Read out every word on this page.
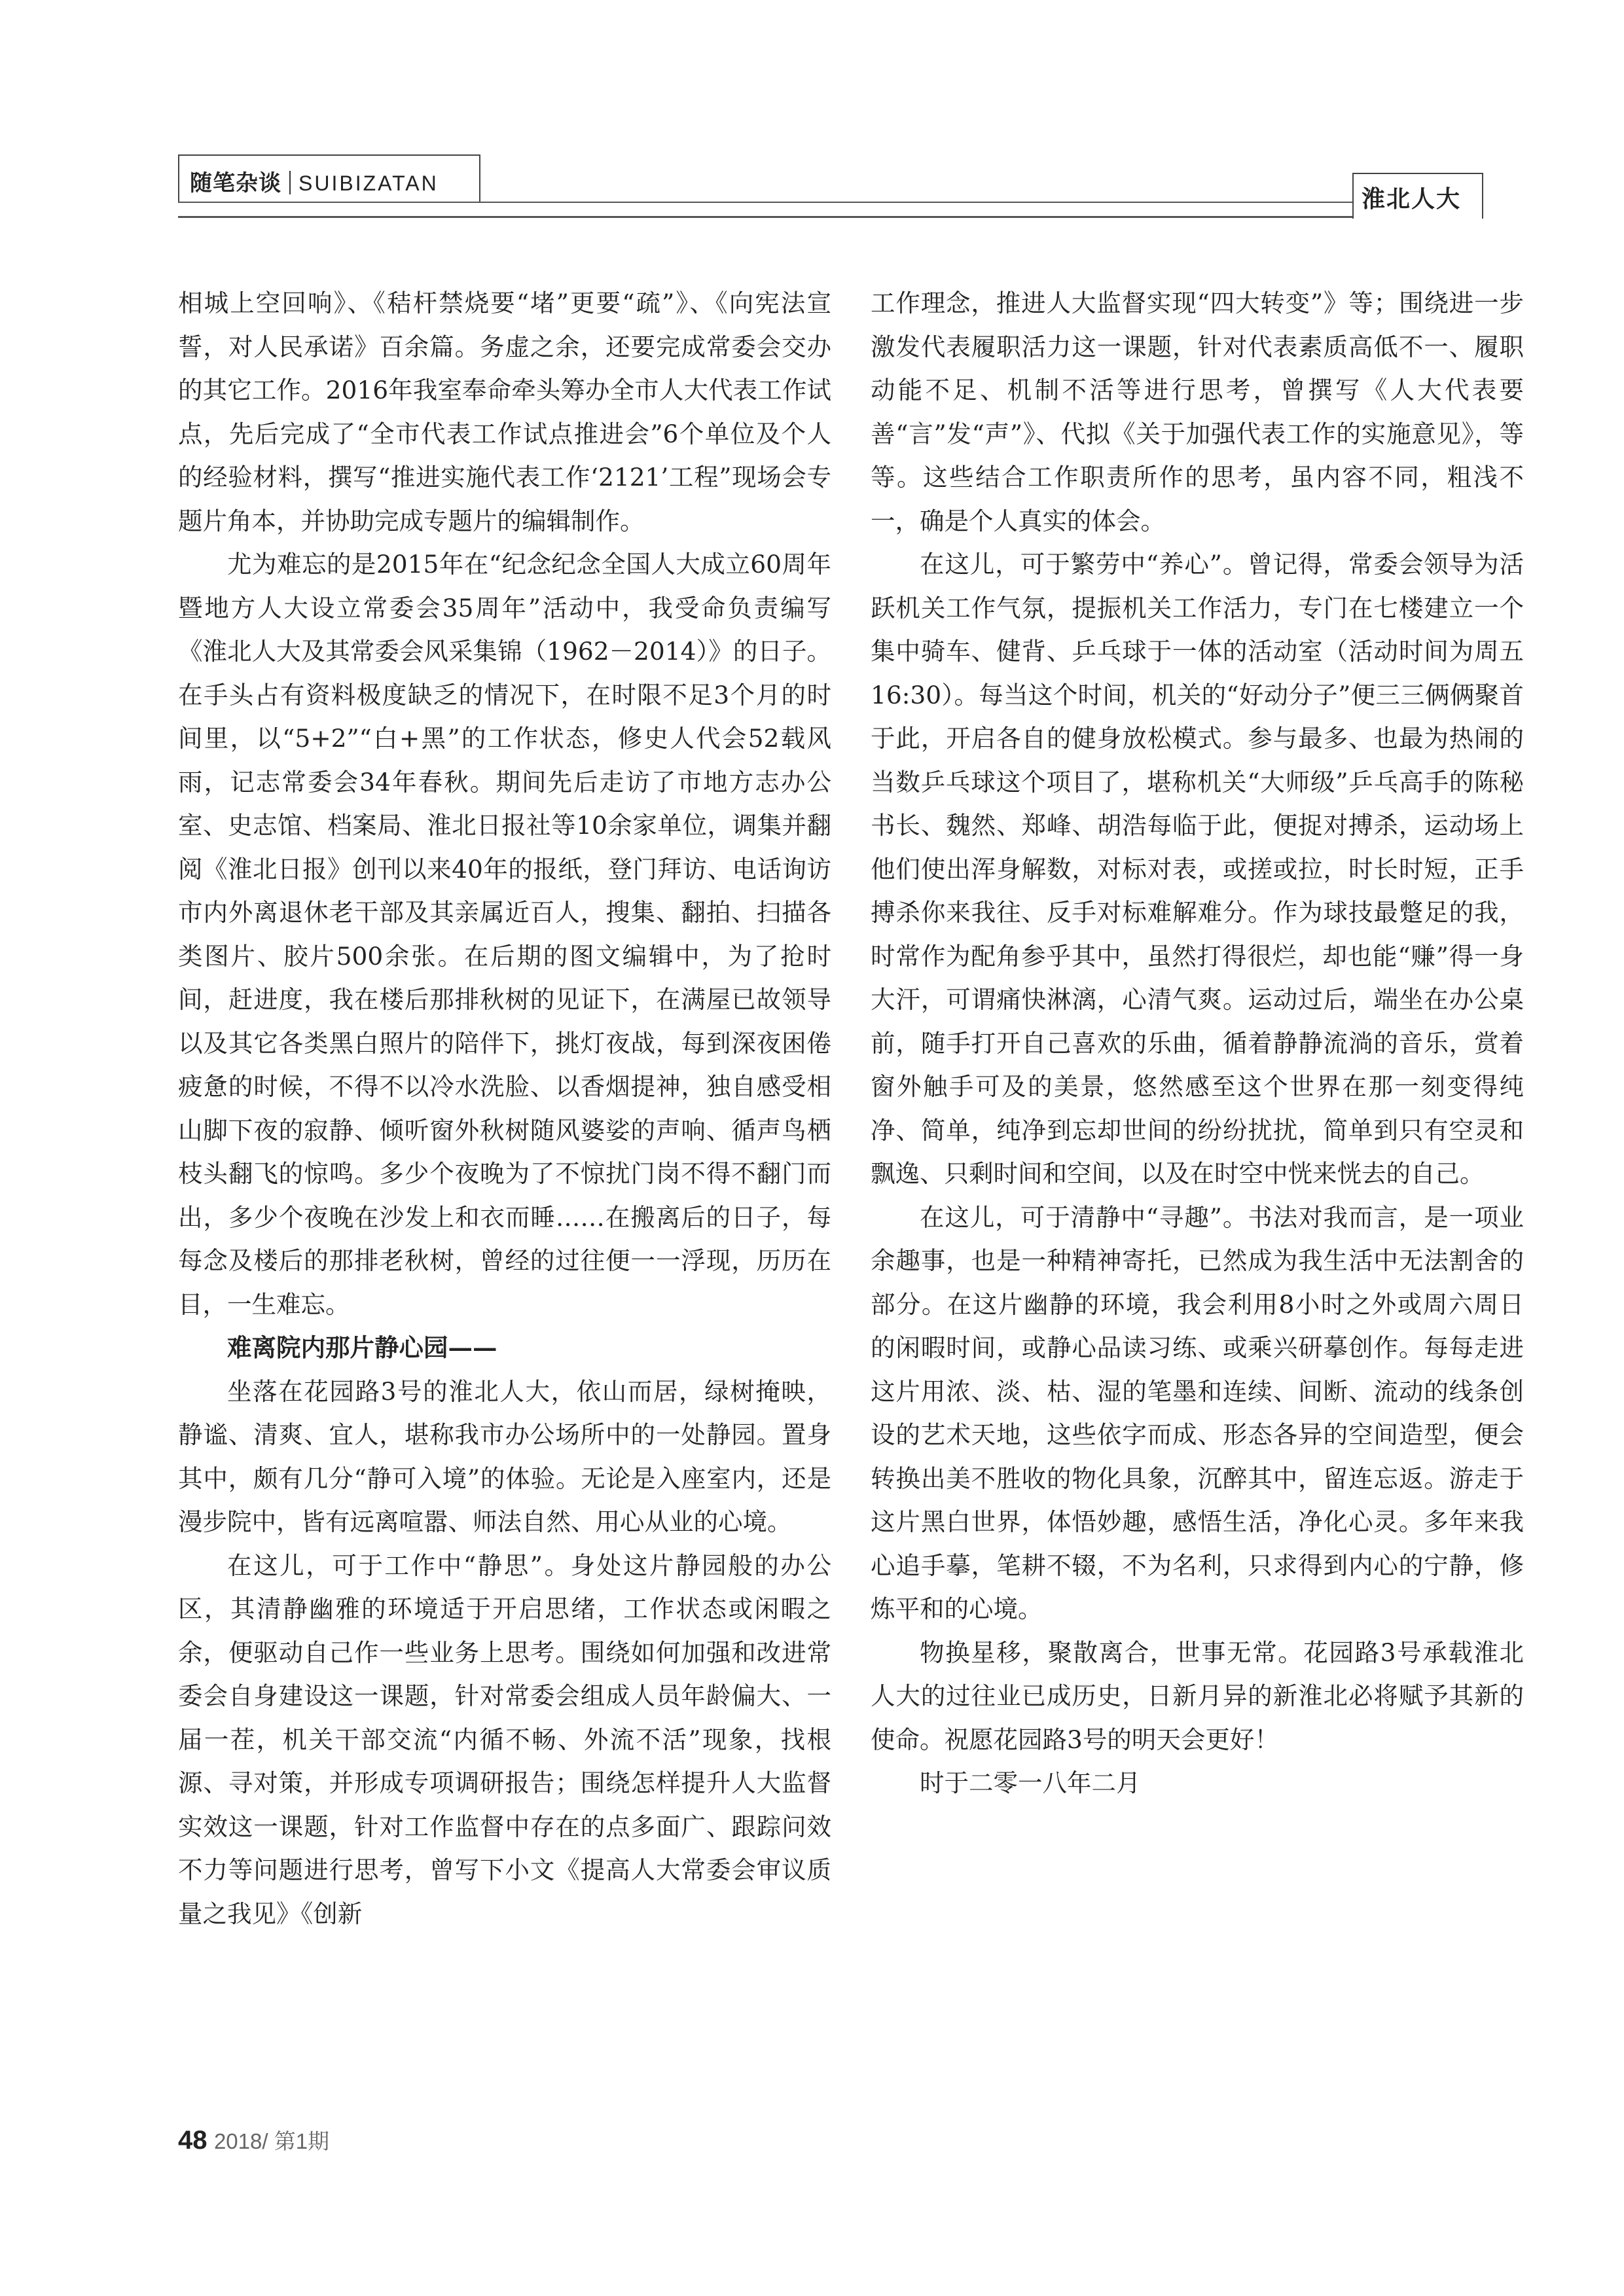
随笔杂谈 SUIBIZATAN
淮北人大

相城上空回响》、《秸杆禁烧要“堵”更要“疏”》、《向宪法宣誓，对人民承诺》百余篇。务虚之余，还要完成常委会交办的其它工作。2016年我室奉命牵头筹办全市人大代表工作试点，先后完成了“全市代表工作试点推进会”6个单位及个人的经验材料，撰写“推进实施代表工作‘2121’工程”现场会专题片角本，并协助完成专题片的编辑制作。

尤为难忘的是2015年在“纪念纪念全国人大成立60周年暨地方人大设立常委会35周年”活动中，我受命负责编写《淮北人大及其常委会风采集锦（1962－2014）》的日子。在手头占有资料极度缺乏的情况下，在时限不足3个月的时间里，以“5+2”“白+黑”的工作状态，修史人代会52载风雨，记志常委会34年春秋。期间先后走访了市地方志办公室、史志馆、档案局、淮北日报社等10余家单位，调集并翻阅《淮北日报》创刊以来40年的报纸，登门拜访、电话询访市内外离退休老干部及其亲属近百人，搜集、翻拍、扫描各类图片、胶片500余张。在后期的图文编辑中，为了抢时间，赶进度，我在楼后那排秋树的见证下，在满屋已故领导以及其它各类黑白照片的陪伴下，挑灯夜战，每到深夜困倦疲惫的时候，不得不以冷水洗脸、以香烟提神，独自感受相山脚下夜的寂静、倾听窗外秋树随风婆娑的声响、循声鸟栖枝头翻飞的惊鸣。多少个夜晚为了不惊扰门岗不得不翻门而出，多少个夜晚在沙发上和衣而睡……在搬离后的日子，每每念及楼后的那排老秋树，曾经的过往便一一浮现，历历在目，一生难忘。

难离院内那片静心园——

坐落在花园路3号的淮北人大，依山而居，绿树掩映，静谧、清爽、宜人，堪称我市办公场所中的一处静园。置身其中，颇有几分“静可入境”的体验。无论是入座室内，还是漫步院中，皆有远离喧嚣、师法自然、用心从业的心境。

在这儿，可于工作中“静思”。身处这片静园般的办公区，其清静幽雅的环境适于开启思绪，工作状态或闲暇之余，便驱动自己作一些业务上思考。围绕如何加强和改进常委会自身建设这一课题，针对常委会组成人员年龄偏大、一届一茬，机关干部交流“内循不畅、外流不活”现象，找根源、寻对策，并形成专项调研报告；围绕怎样提升人大监督实效这一课题，针对工作监督中存在的点多面广、跟踪问效不力等问题进行思考，曾写下小文《提高人大常委会审议质量之我见》《创新

工作理念，推进人大监督实现“四大转变”》等；围绕进一步激发代表履职活力这一课题，针对代表素质高低不一、履职动能不足、机制不活等进行思考，曾撰写《人大代表要善“言”发“声”》、代拟《关于加强代表工作的实施意见》，等等。这些结合工作职责所作的思考，虽内容不同，粗浅不一，确是个人真实的体会。

在这儿，可于繁劳中“养心”。曾记得，常委会领导为活跃机关工作气氛，提振机关工作活力，专门在七楼建立一个集中骑车、健背、乒乓球于一体的活动室（活动时间为周五16:30）。每当这个时间，机关的“好动分子”便三三俩俩聚首于此，开启各自的健身放松模式。参与最多、也最为热闹的当数乒乓球这个项目了，堪称机关“大师级”乒乓高手的陈秘书长、魏然、郑峰、胡浩每临于此，便捉对搏杀，运动场上他们使出浑身解数，对标对表，或搓或拉，时长时短，正手搏杀你来我往、反手对标难解难分。作为球技最蹩足的我，时常作为配角参乎其中，虽然打得很烂，却也能“赚”得一身大汗，可谓痛快淋漓，心清气爽。运动过后，端坐在办公桌前，随手打开自己喜欢的乐曲，循着静静流淌的音乐，赏着窗外触手可及的美景，悠然感至这个世界在那一刻变得纯净、简单，纯净到忘却世间的纷纷扰扰，简单到只有空灵和飘逸、只剩时间和空间，以及在时空中恍来恍去的自己。

在这儿，可于清静中“寻趣”。书法对我而言，是一项业余趣事，也是一种精神寄托，已然成为我生活中无法割舍的部分。在这片幽静的环境，我会利用8小时之外或周六周日的闲暇时间，或静心品读习练、或乘兴研摹创作。每每走进这片用浓、淡、枯、湿的笔墨和连续、间断、流动的线条创设的艺术天地，这些依字而成、形态各异的空间造型，便会转换出美不胜收的物化具象，沉醉其中，留连忘返。游走于这片黑白世界，体悟妙趣，感悟生活，净化心灵。多年来我心追手摹，笔耕不辍，不为名利，只求得到内心的宁静，修炼平和的心境。

物换星移，聚散离合，世事无常。花园路3号承载淮北人大的过往业已成历史，日新月异的新淮北必将赋予其新的使命。祝愿花园路3号的明天会更好！

时于二零一八年二月

48 2018/ 第1期
